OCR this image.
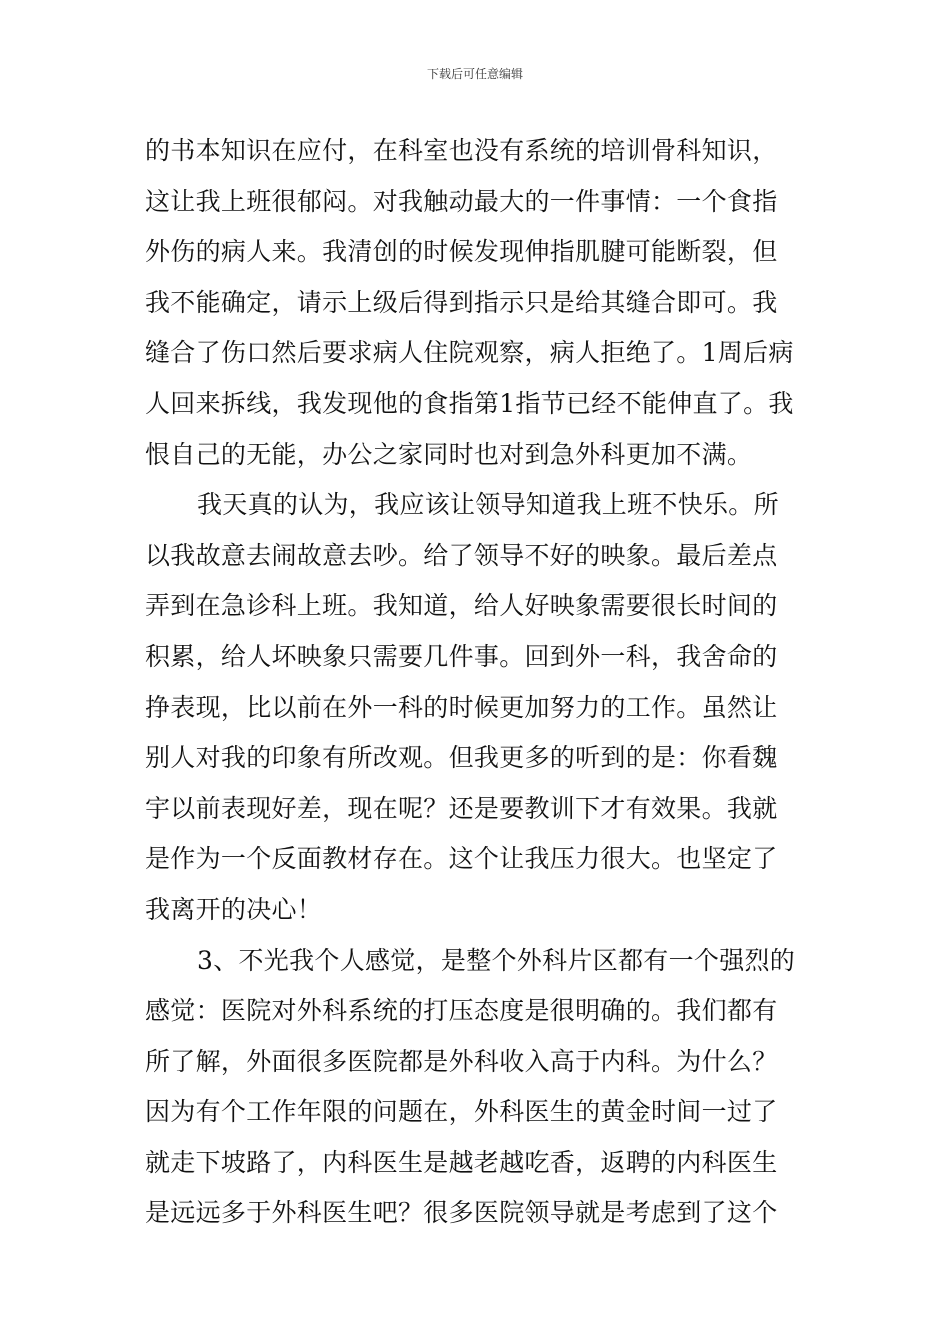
下载后可任意编辑
的书本知识在应付，在科室也没有系统的培训骨科知识，
这让我上班很郁闷。对我触动最大的一件事情：一个食指
外伤的病人来。我清创的时候发现伸指肌腱可能断裂，但
我不能确定，请示上级后得到指示只是给其缝合即可。我
缝合了伤口然后要求病人住院观察，病人拒绝了。1周后病
人回来拆线，我发现他的食指第1指节已经不能伸直了。我
恨自己的无能，办公之家同时也对到急外科更加不满。
我天真的认为，我应该让领导知道我上班不快乐。所
以我故意去闹故意去吵。给了领导不好的映象。最后差点
弄到在急诊科上班。我知道，给人好映象需要很长时间的
积累，给人坏映象只需要几件事。回到外一科，我舍命的
挣表现，比以前在外一科的时候更加努力的工作。虽然让
别人对我的印象有所改观。但我更多的听到的是：你看魏
宇以前表现好差，现在呢？还是要教训下才有效果。我就
是作为一个反面教材存在。这个让我压力很大。也坚定了
我离开的决心！
3、不光我个人感觉，是整个外科片区都有一个强烈的
感觉：医院对外科系统的打压态度是很明确的。我们都有
所了解，外面很多医院都是外科收入高于内科。为什么？
因为有个工作年限的问题在，外科医生的黄金时间一过了
就走下坡路了，内科医生是越老越吃香，返聘的内科医生
是远远多于外科医生吧？很多医院领导就是考虑到了这个
